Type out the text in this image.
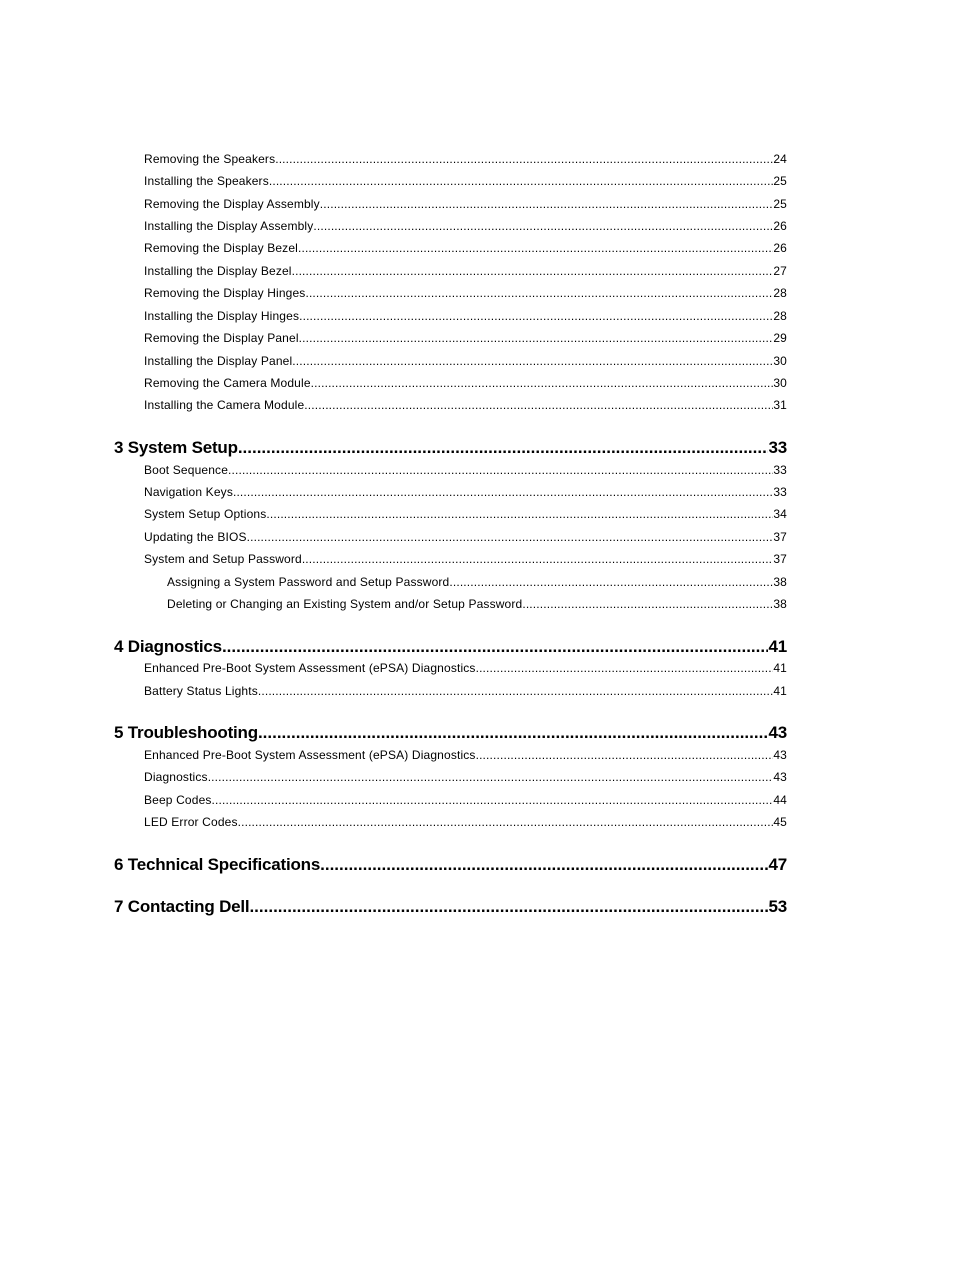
Removing the Speakers .....	24
Installing the Speakers .....	25
Removing the Display Assembly .....	25
Installing the Display Assembly .....	26
Removing the Display Bezel .....	26
Installing the Display Bezel .....	27
Removing the Display Hinges .....	28
Installing the Display Hinges .....	28
Removing the Display Panel .....	29
Installing the Display Panel .....	30
Removing the Camera Module .....	30
Installing the Camera Module .....	31
3 System Setup .....	33
Boot Sequence .....	33
Navigation Keys .....	33
System Setup Options .....	34
Updating the BIOS .....	37
System and Setup Password .....	37
Assigning a System Password and Setup Password .....	38
Deleting or Changing an Existing System and/or Setup Password .....	38
4 Diagnostics .....	41
Enhanced Pre-Boot System Assessment (ePSA) Diagnostics .....	41
Battery Status Lights .....	41
5 Troubleshooting .....	43
Enhanced Pre-Boot System Assessment (ePSA) Diagnostics .....	43
Diagnostics .....	43
Beep Codes .....	44
LED Error Codes .....	45
6 Technical Specifications .....	47
7 Contacting Dell .....	53
